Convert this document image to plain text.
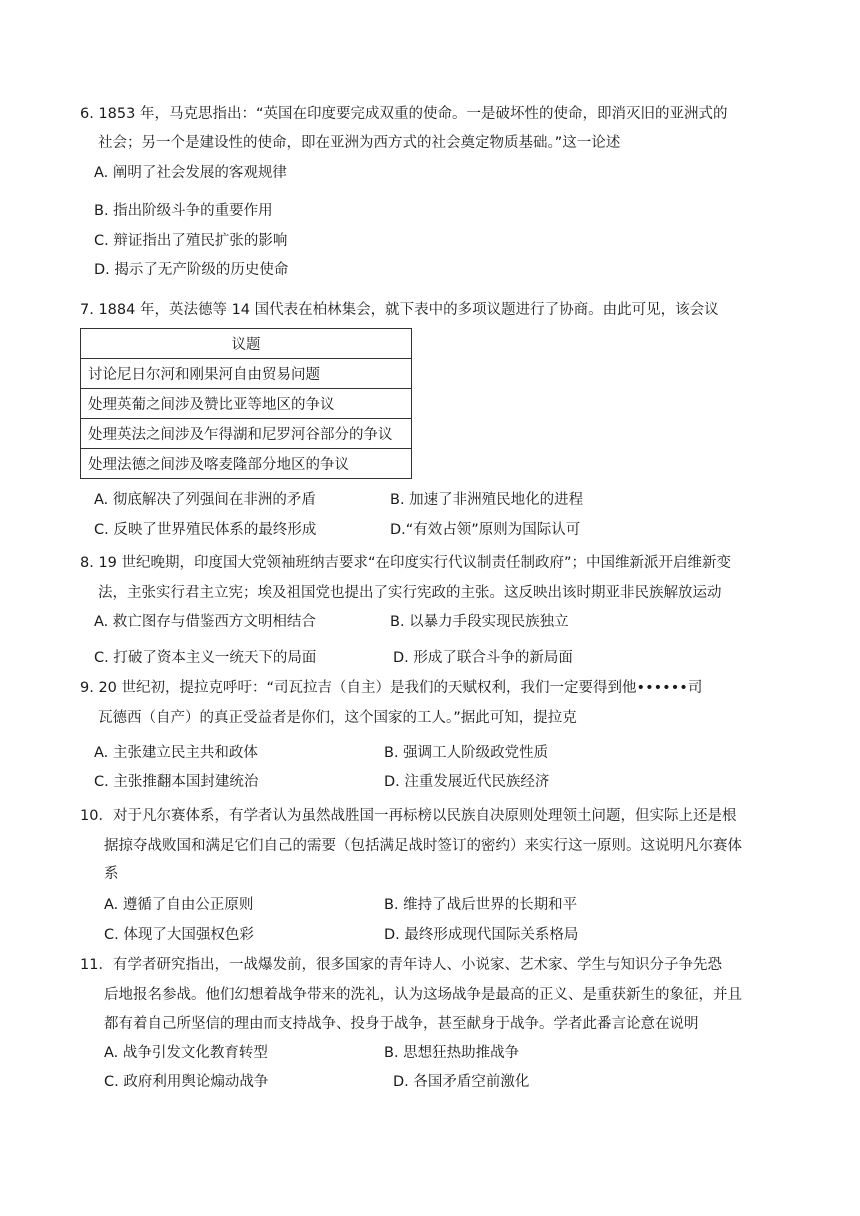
6. 1853 年，马克思指出：“英国在印度要完成双重的使命。一是破坏性的使命，即消灭旧的亚洲式的
社会；另一个是建设性的使命，即在亚洲为西方式的社会奠定物质基础。”这一论述
A. 阐明了社会发展的客观规律
B. 指出阶级斗争的重要作用
C. 辩证指出了殖民扩张的影响
D. 揭示了无产阶级的历史使命
7. 1884 年，英法德等 14 国代表在柏林集会，就下表中的多项议题进行了协商。由此可见，该会议
议题
讨论尼日尔河和刚果河自由贸易问题
处理英葡之间涉及赞比亚等地区的争议
处理英法之间涉及乍得湖和尼罗河谷部分的争议
处理法德之间涉及喀麦隆部分地区的争议
A. 彻底解决了列强间在非洲的矛盾	B. 加速了非洲殖民地化的进程
C. 反映了世界殖民体系的最终形成	D.“有效占领”原则为国际认可
8. 19 世纪晚期，印度国大党领袖班纳吉要求“在印度实行代议制责任制政府”；中国维新派开启维新变
法，主张实行君主立宪；埃及祖国党也提出了实行宪政的主张。这反映出该时期亚非民族解放运动
A. 救亡图存与借鉴西方文明相结合	B. 以暴力手段实现民族独立
C. 打破了资本主义一统天下的局面	D. 形成了联合斗争的新局面
9. 20 世纪初，提拉克呼吁：“司瓦拉吉（自主）是我们的天赋权利，我们一定要得到他••••••司
瓦德西（自产）的真正受益者是你们，这个国家的工人。”据此可知，提拉克
A. 主张建立民主共和政体	B. 强调工人阶级政党性质
C. 主张推翻本国封建统治	D. 注重发展近代民族经济
10．对于凡尔赛体系，有学者认为虽然战胜国一再标榜以民族自决原则处理领土问题，但实际上还是根
据掠夺战败国和满足它们自己的需要（包括满足战时签订的密约）来实行这一原则。这说明凡尔赛体
系
A. 遵循了自由公正原则	B. 维持了战后世界的长期和平
C. 体现了大国强权色彩	D. 最终形成现代国际关系格局
11．有学者研究指出，一战爆发前，很多国家的青年诗人、小说家、艺术家、学生与知识分子争先恐
后地报名参战。他们幻想着战争带来的洗礼，认为这场战争是最高的正义、是重获新生的象征，并且
都有着自己所坚信的理由而支持战争、投身于战争，甚至献身于战争。学者此番言论意在说明
A. 战争引发文化教育转型	B. 思想狂热助推战争
C. 政府利用舆论煽动战争	D. 各国矛盾空前激化
